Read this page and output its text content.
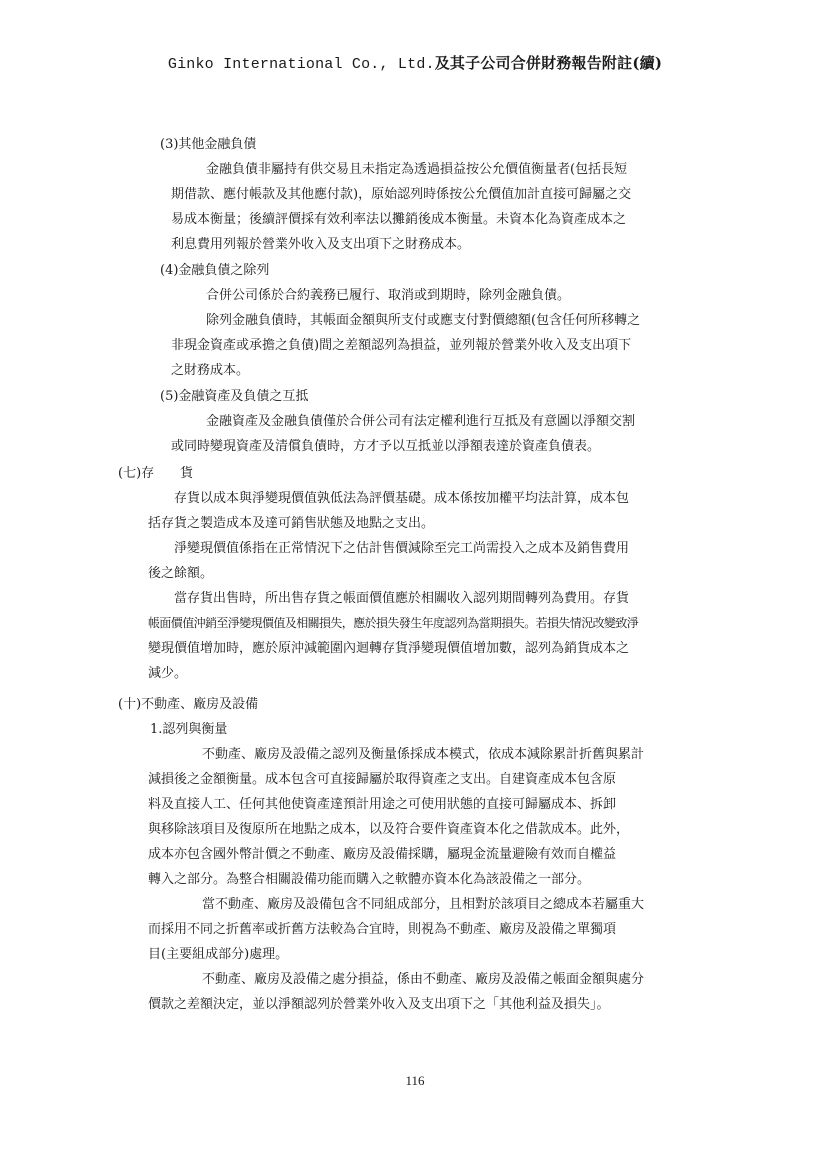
Ginko International Co., Ltd.及其子公司合併財務報告附註(續)
(3)其他金融負債
金融負債非屬持有供交易且未指定為透過損益按公允價值衡量者(包括長短
期借款、應付帳款及其他應付款)，原始認列時係按公允價值加計直接可歸屬之交
易成本衡量；後續評價採有效利率法以攤銷後成本衡量。未資本化為資產成本之
利息費用列報於營業外收入及支出項下之財務成本。
(4)金融負債之除列
合併公司係於合約義務已履行、取消或到期時，除列金融負債。
除列金融負債時，其帳面金額與所支付或應支付對價總額(包含任何所移轉之
非現金資產或承擔之負債)間之差額認列為損益，並列報於營業外收入及支出項下
之財務成本。
(5)金融資產及負債之互抵
金融資產及金融負債僅於合併公司有法定權利進行互抵及有意圖以淨額交割
或同時變現資產及清償負債時，方才予以互抵並以淨額表達於資產負債表。
(七)存　　貨
存貨以成本與淨變現價值孰低法為評價基礎。成本係按加權平均法計算，成本包
括存貨之製造成本及達可銷售狀態及地點之支出。
淨變現價值係指在正常情況下之估計售價減除至完工尚需投入之成本及銷售費用
後之餘額。
當存貨出售時，所出售存貨之帳面價值應於相關收入認列期間轉列為費用。存貨
帳面價值沖銷至淨變現價值及相關損失，應於損失發生年度認列為當期損失。若損失情況改變致淨
變現價值增加時，應於原沖減範圍內迴轉存貨淨變現價值增加數，認列為銷貨成本之
減少。
(十)不動產、廠房及設備
1.認列與衡量
不動產、廠房及設備之認列及衡量係採成本模式，依成本減除累計折舊與累計
減損後之金額衡量。成本包含可直接歸屬於取得資產之支出。自建資產成本包含原
料及直接人工、任何其他使資產達預計用途之可使用狀態的直接可歸屬成本、拆卸
與移除該項目及復原所在地點之成本，以及符合要件資產資本化之借款成本。此外，
成本亦包含國外幣計價之不動產、廠房及設備採購，屬現金流量避險有效而自權益
轉入之部分。為整合相關設備功能而購入之軟體亦資本化為該設備之一部分。
當不動產、廠房及設備包含不同組成部分，且相對於該項目之總成本若屬重大
而採用不同之折舊率或折舊方法較為合宜時，則視為不動產、廠房及設備之單獨項
目(主要組成部分)處理。
不動產、廠房及設備之處分損益，係由不動產、廠房及設備之帳面金額與處分
價款之差額決定，並以淨額認列於營業外收入及支出項下之「其他利益及損失」。
116
